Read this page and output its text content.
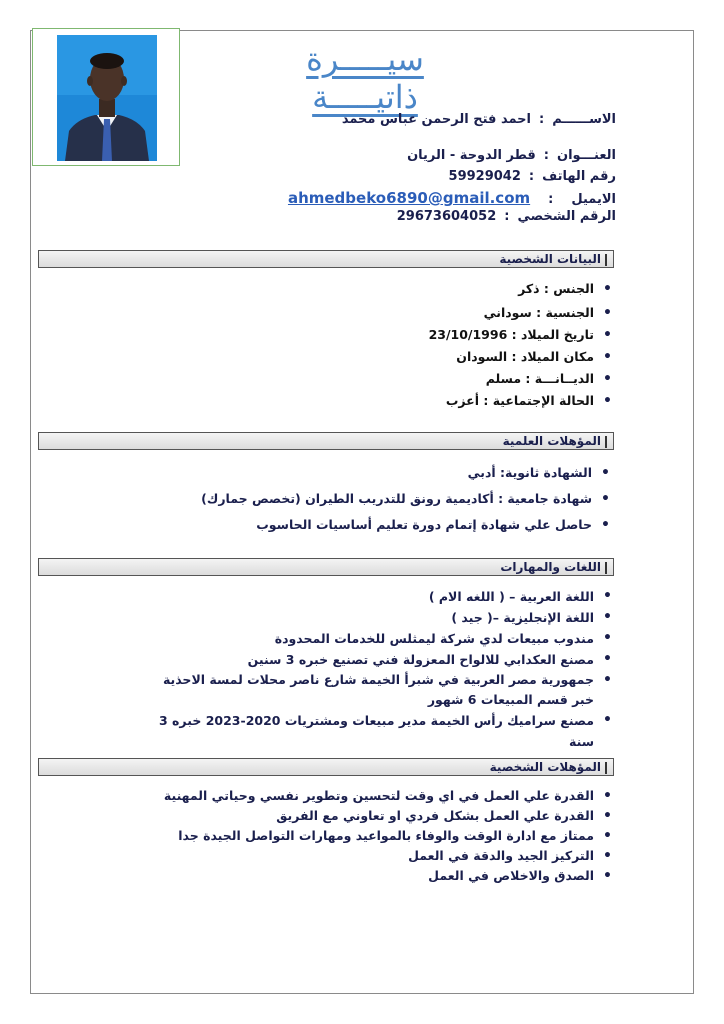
سيـــــرة ذاتيـــــة
الاســــــم:احمد فتح الرحمن عباس محمد
العنـــوان:قطر الدوحة - الريان
رقم الهاتف:59929042
الايميل:ahmedbeko6890@gmail.com
الرقم الشخصي:29673604052
البيانات الشخصية
• الجنس : ذكر
• الجنسية : سوداني
• تاريخ الميلاد : 23/10/1996
• مكان الميلاد : السودان
• الديــانـــة : مسلم
• الحالة الإجتماعية : أعزب
المؤهلات العلمية
• الشهادة ثانوية: أدبي
• شهادة جامعية : أكاديمية رونق للتدريب الطيران (تخصص جمارك)
• حاصل علي شهادة إتمام دورة تعليم أساسيات الحاسوب
اللغات والمهارات
• اللغة العربية – ( اللغه الام )
• اللغة الإنجليزية –( جيد )
• مندوب مبيعات لدي شركة ليمثلس للخدمات المحدودة
• مصنع العكدابي للالواح المعزولة فني تصنيع خبره 3 سنين
• جمهورية مصر العربية في شبرأ الخيمة شارع ناصر محلات لمسة الاحذية خبر قسم المبيعات 6 شهور
• مصنع سراميك رأس الخيمة مدير مبيعات ومشتريات 2020-2023 خبره 3 سنة
المؤهلات الشخصية
• القدرة علي العمل في اي وقت لتحسين وتطوير نفسي وحياتي المهنية
• القدرة علي العمل بشكل فردي او تعاوني مع الفريق
• ممتاز مع ادارة الوقت والوفاء بالمواعيد ومهارات التواصل الجيدة جدا
• التركيز الجيد والدقة في العمل
• الصدق والاخلاص في العمل
